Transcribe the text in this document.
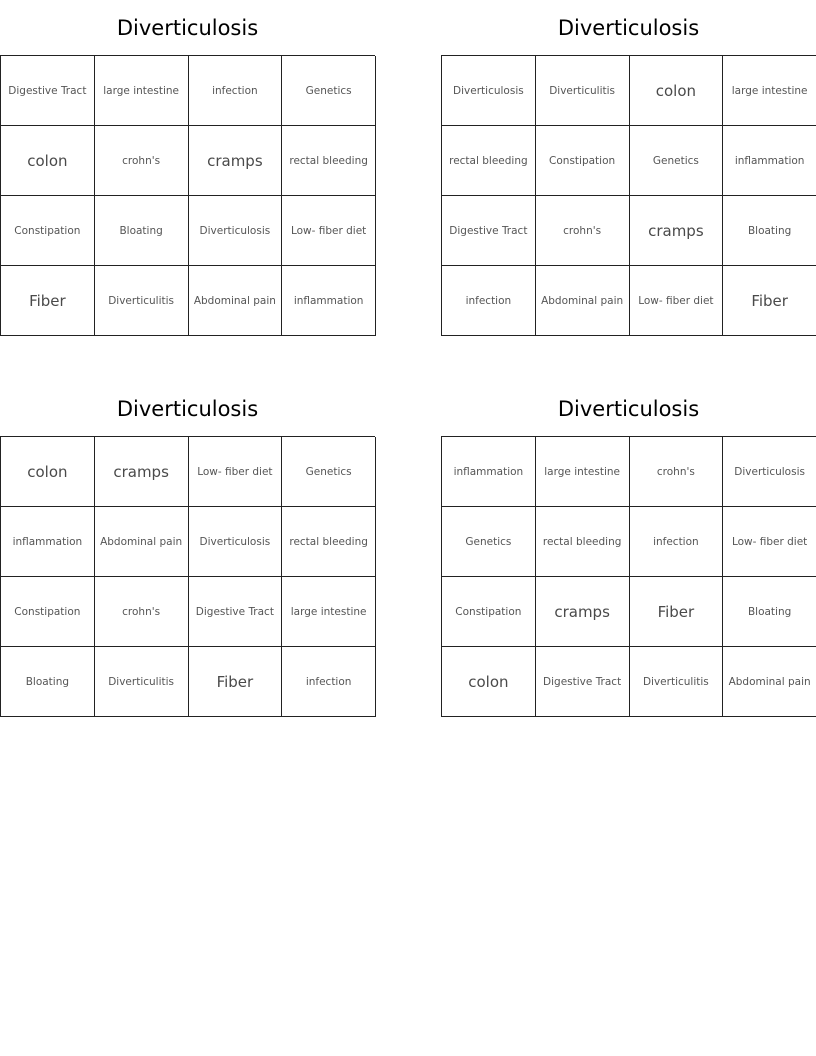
Diverticulosis
Digestive Tract	large intestine	infection	Genetics
colon	crohn's	cramps	rectal bleeding
Constipation	Bloating	Diverticulosis	Low- fiber diet
Fiber	Diverticulitis	Abdominal pain	inflammation
Diverticulosis
Diverticulosis	Diverticulitis	colon	large intestine
rectal bleeding	Constipation	Genetics	inflammation
Digestive Tract	crohn's	cramps	Bloating
infection	Abdominal pain	Low- fiber diet	Fiber
Diverticulosis
colon	cramps	Low- fiber diet	Genetics
inflammation	Abdominal pain	Diverticulosis	rectal bleeding
Constipation	crohn's	Digestive Tract	large intestine
Bloating	Diverticulitis	Fiber	infection
Diverticulosis
inflammation	large intestine	crohn's	Diverticulosis
Genetics	rectal bleeding	infection	Low- fiber diet
Constipation	cramps	Fiber	Bloating
colon	Digestive Tract	Diverticulitis	Abdominal pain
